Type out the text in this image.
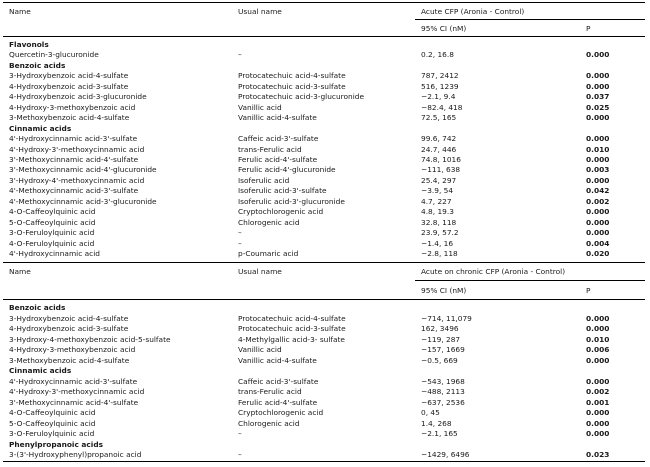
Name	Usual name	Acute CFP (Aronia - Control)
95% CI (nM)	P
Flavonols
Quercetin-3-glucuronide	–	0.2, 16.8	0.000
Benzoic acids
3-Hydroxybenzoic acid-4-sulfate	Protocatechuic acid-4-sulfate	787, 2412	0.000
4-Hydroxybenzoic acid-3-sulfate	Protocatechuic acid-3-sulfate	516, 1239	0.000
4-Hydroxybenzoic acid-3-glucuronide	Protocatechuic acid-3-glucuronide	−2.1, 9.4	0.037
4-Hydroxy-3-methoxybenzoic acid	Vanillic acid	−82.4, 418	0.025
3-Methoxybenzoic acid-4-sulfate	Vanillic acid-4-sulfate	72.5, 165	0.000
Cinnamic acids
4'-Hydroxycinnamic acid-3'-sulfate	Caffeic acid-3'-sulfate	99.6, 742	0.000
4'-Hydroxy-3'-methoxycinnamic acid	trans-Ferulic acid	24.7, 446	0.010
3'-Methoxycinnamic acid-4'-sulfate	Ferulic acid-4'-sulfate	74.8, 1016	0.000
3'-Methoxycinnamic acid-4'-glucuronide	Ferulic acid-4'-glucuronide	−111, 638	0.003
3'-Hydroxy-4'-methoxycinnamic acid	Isoferulic acid	25.4, 297	0.000
4'-Methoxycinnamic acid-3'-sulfate	Isoferulic acid-3'-sulfate	−3.9, 54	0.042
4'-Methoxycinnamic acid-3'-glucuronide	Isoferulic acid-3'-glucuronide	4.7, 227	0.002
4-O-Caffeoylquinic acid	Cryptochlorogenic acid	4.8, 19.3	0.000
5-O-Caffeoylquinic acid	Chlorogenic acid	32.8, 118	0.000
3-O-Feruloylquinic acid	–	23.9, 57.2	0.000
4-O-Feruloylquinic acid	–	−1.4, 16	0.004
4'-Hydroxycinnamic acid	p-Coumaric acid	−2.8, 118	0.020
Name	Usual name	Acute on chronic CFP (Aronia - Control)
95% CI (nM)	P
Benzoic acids
3-Hydroxybenzoic acid-4-sulfate	Protocatechuic acid-4-sulfate	−714, 11,079	0.000
4-Hydroxybenzoic acid-3-sulfate	Protocatechuic acid-3-sulfate	162, 3496	0.000
3-Hydroxy-4-methoxybenzoic acid-5-sulfate	4-Methylgallic acid-3- sulfate	−119, 287	0.010
4-Hydroxy-3-methoxybenzoic acid	Vanillic acid	−157, 1669	0.006
3-Methoxybenzoic acid-4-sulfate	Vanillic acid-4-sulfate	−0.5, 669	0.000
Cinnamic acids
4'-Hydroxycinnamic acid-3'-sulfate	Caffeic acid-3'-sulfate	−543, 1968	0.000
4'-Hydroxy-3'-methoxycinnamic acid	trans-Ferulic acid	−488, 2113	0.002
3'-Methoxycinnamic acid-4'-sulfate	Ferulic acid-4'-sulfate	−637, 2536	0.001
4-O-Caffeoylquinic acid	Cryptochlorogenic acid	0, 45	0.000
5-O-Caffeoylquinic acid	Chlorogenic acid	1.4, 268	0.000
3-O-Feruloylquinic acid	–	−2.1, 165	0.000
Phenylpropanoic acids
3-(3'-Hydroxyphenyl)propanoic acid	–	−1429, 6496	0.023
